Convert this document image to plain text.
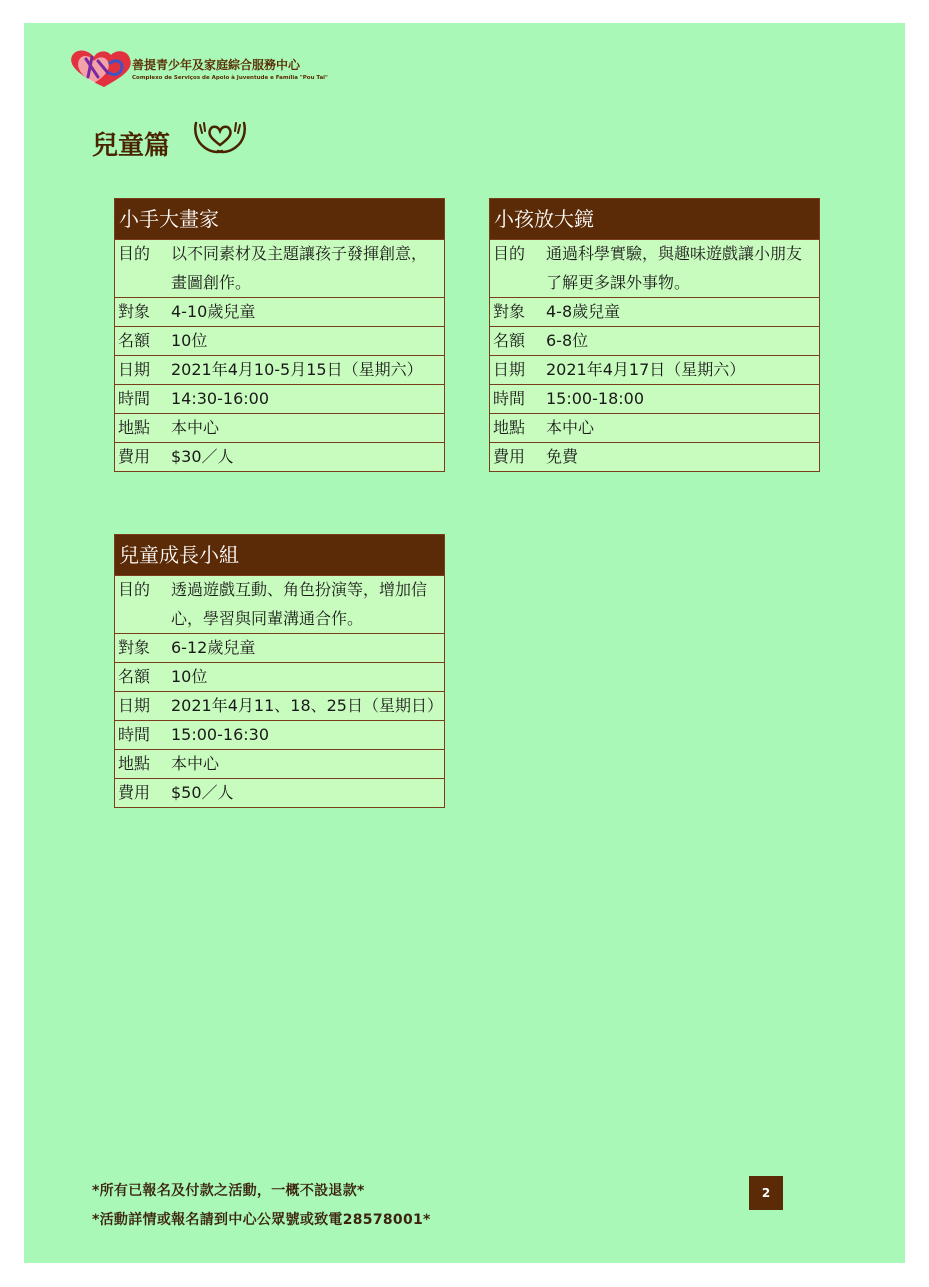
善提青少年及家庭綜合服務中心
Complexo de Serviços de Apoio à Juventude e Família "Pou Tai"
兒童篇
小手大畫家
目的	以不同素材及主題讓孩子發揮創意，畫圖創作。
對象	4-10歲兒童
名額	10位
日期	2021年4月10-5月15日（星期六）
時間	14:30-16:00
地點	本中心
費用	$30／人
小孩放大鏡
目的	通過科學實驗，與趣味遊戲讓小朋友了解更多課外事物。
對象	4-8歲兒童
名額	6-8位
日期	2021年4月17日（星期六）
時間	15:00-18:00
地點	本中心
費用	免費
兒童成長小組
目的	透過遊戲互動、角色扮演等，增加信心，學習與同輩溝通合作。
對象	6-12歲兒童
名額	10位
日期	2021年4月11、18、25日（星期日）
時間	15:00-16:30
地點	本中心
費用	$50／人
*所有已報名及付款之活動，一概不設退款*
*活動詳情或報名請到中心公眾號或致電28578001*
2
